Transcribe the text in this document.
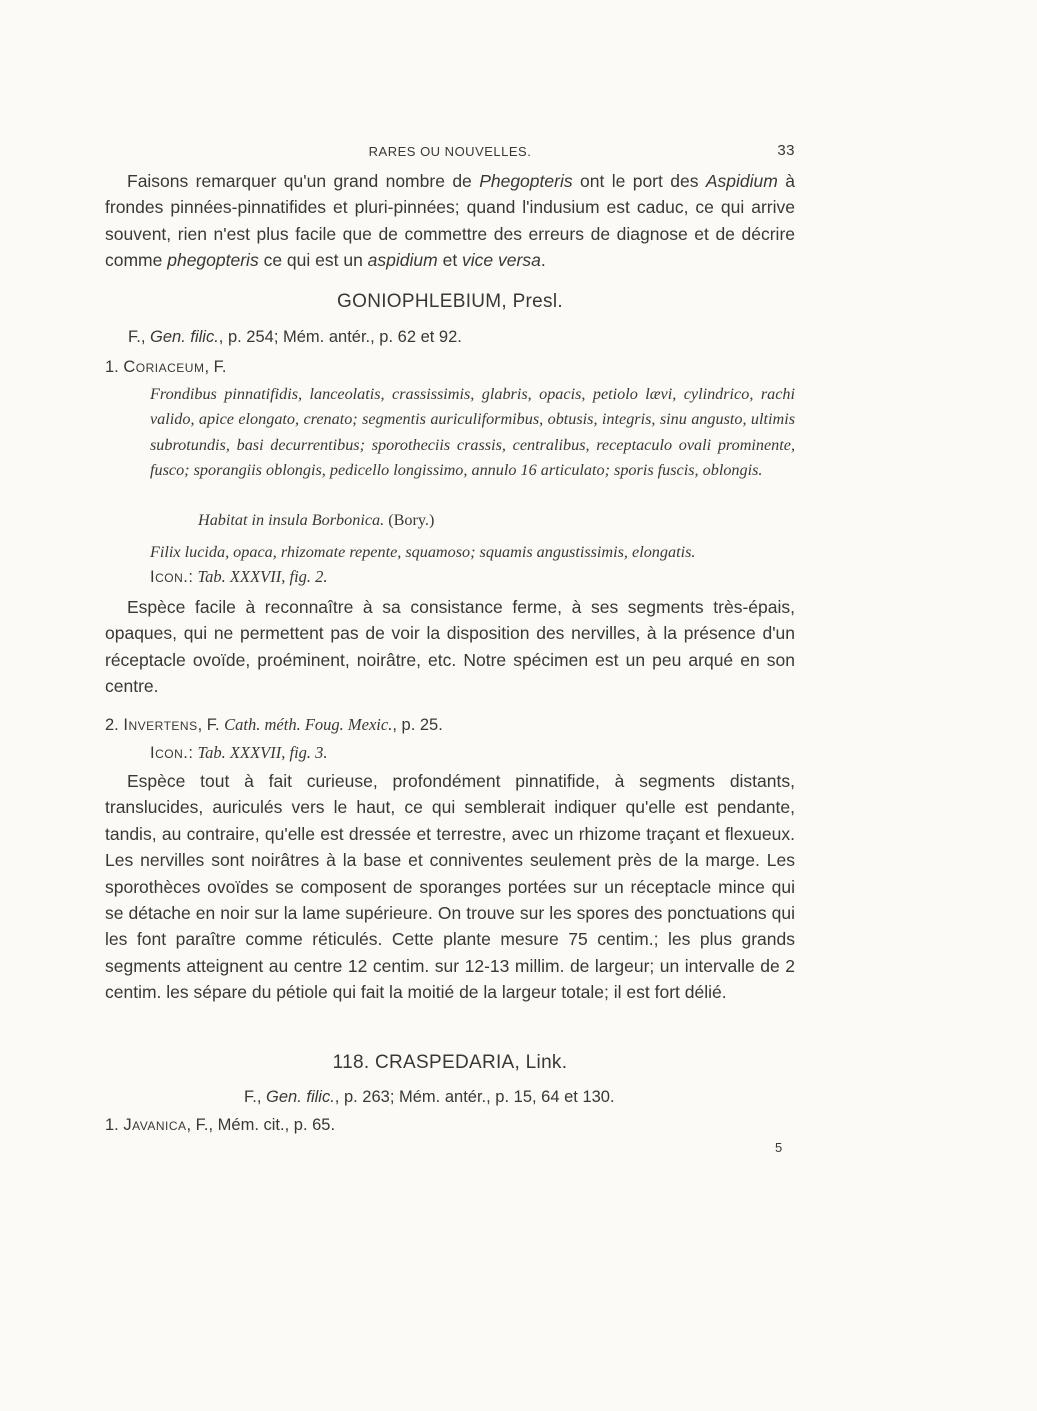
RARES OU NOUVELLES.	33
Faisons remarquer qu'un grand nombre de Phegopteris ont le port des Aspidium à frondes pinnées-pinnatifides et pluri-pinnées; quand l'indusium est caduc, ce qui arrive souvent, rien n'est plus facile que de commettre des erreurs de diagnose et de décrire comme phegopteris ce qui est un aspidium et vice versa.
GONIOPHLEBIUM, Presl.
F., Gen. filic., p. 254; Mém. antér., p. 62 et 92.
1. Coriaceum, F.
Frondibus pinnatifidis, lanceolatis, crassissimis, glabris, opacis, petiolo lævi, cylindrico, rachi valido, apice elongato, crenato; segmentis auriculiformibus, obtusis, integris, sinu angusto, ultimis subrotundis, basi decurrentibus; sporotheciis crassis, centralibus, receptaculo ovali prominente, fusco; sporangiis oblongis, pedicello longissimo, annulo 16 articulato; sporis fuscis, oblongis.
Habitat in insula Borbonica. (Bory.)
Filix lucida, opaca, rhizomate repente, squamoso; squamis angustissimis, elongatis.
Icon.: Tab. XXXVII, fig. 2.
Espèce facile à reconnaître à sa consistance ferme, à ses segments très-épais, opaques, qui ne permettent pas de voir la disposition des nervilles, à la présence d'un réceptacle ovoïde, proéminent, noirâtre, etc. Notre spécimen est un peu arqué en son centre.
2. Invertens, F. Cath. méth. Foug. Mexic., p. 25.
Icon.: Tab. XXXVII, fig. 3.
Espèce tout à fait curieuse, profondément pinnatifide, à segments distants, translucides, auriculés vers le haut, ce qui semblerait indiquer qu'elle est pendante, tandis, au contraire, qu'elle est dressée et terrestre, avec un rhizome traçant et flexueux. Les nervilles sont noirâtres à la base et conniventes seulement près de la marge. Les sporothèces ovoïdes se composent de sporanges portées sur un réceptacle mince qui se détache en noir sur la lame supérieure. On trouve sur les spores des ponctuations qui les font paraître comme réticulés. Cette plante mesure 75 centim.; les plus grands segments atteignent au centre 12 centim. sur 12-13 millim. de largeur; un intervalle de 2 centim. les sépare du pétiole qui fait la moitié de la largeur totale; il est fort délié.
118. CRASPEDARIA, Link.
F., Gen. filic., p. 263; Mém. antér., p. 15, 64 et 130.
1. Javanica, F., Mém. cit., p. 65.
5
